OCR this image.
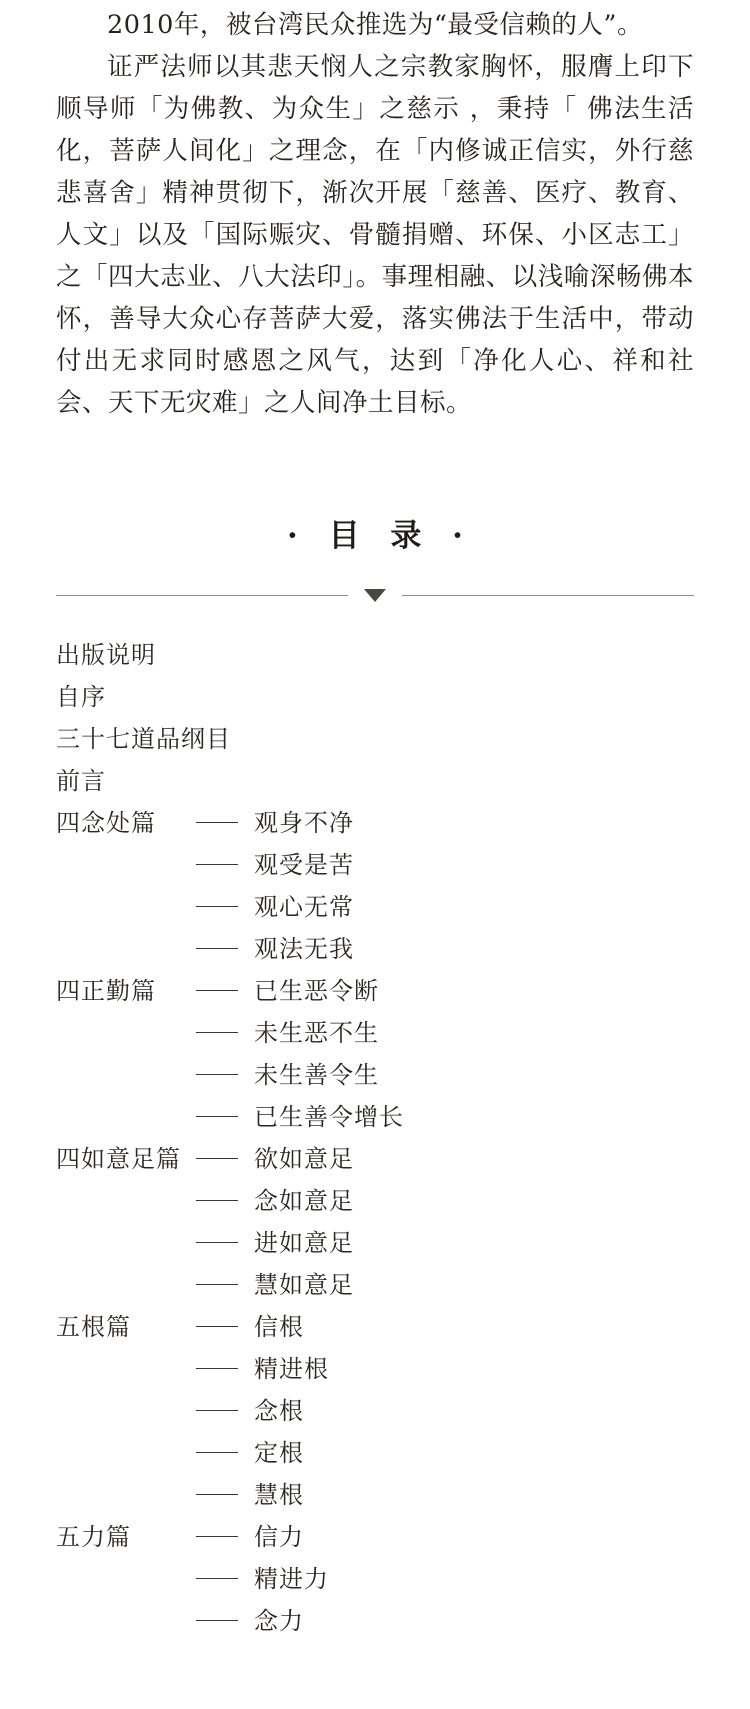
2010年，被台湾民众推选为“最受信赖的人”。

证严法师以其悲天悯人之宗教家胸怀，服膺上印下顺导师「为佛教、为众生」之慈示 ，秉持「 佛法生活化，菩萨人间化」之理念，在「内修诚正信实，外行慈悲喜舍」精神贯彻下，渐次开展「慈善、医疗、教育、人文」以及「国际赈灾、骨髓捐赠、环保、小区志工」之「四大志业、八大法印」。事理相融、以浅喻深畅佛本怀，善导大众心存菩萨大爱，落实佛法于生活中，带动付出无求同时感恩之风气，达到「净化人心、祥和社会、天下无灾难」之人间净土目标。

· 目 录 ·
出版说明
自序
三十七道品纲目
前言
四念处篇	观身不净
观受是苦
观心无常
观法无我
四正勤篇	已生恶令断
未生恶不生
未生善令生
已生善令增长
四如意足篇	欲如意足
念如意足
进如意足
慧如意足
五根篇	信根
精进根
念根
定根
慧根
五力篇	信力
精进力
念力
